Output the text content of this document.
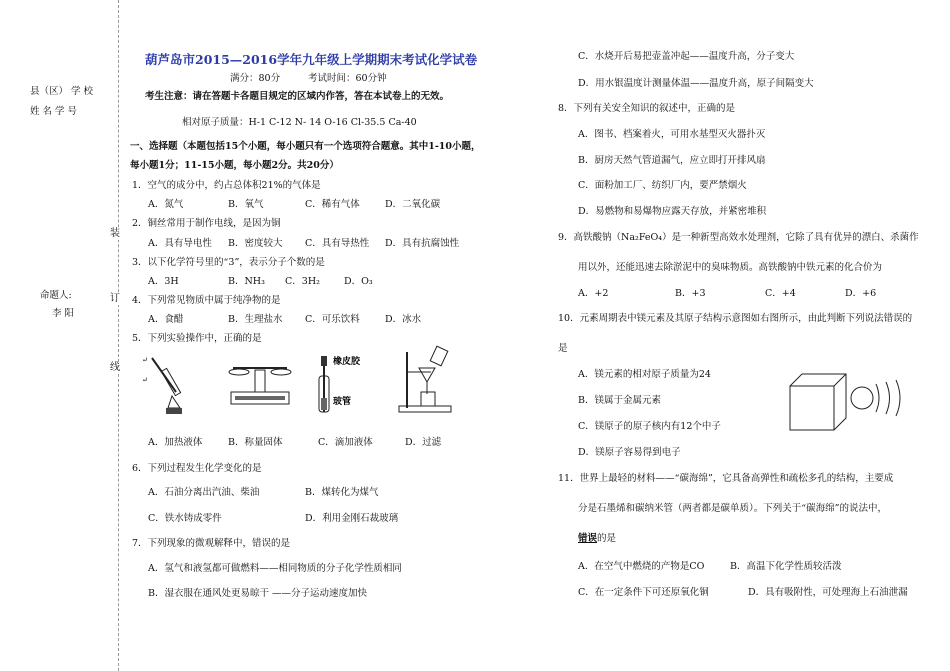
县（区） 学 校
姓 名 学 号
命题人:
李 阳
装
订
线
葫芦岛市2015—2016学年九年级上学期期末考试化学试卷
满分：80分	考试时间：60分钟
考生注意：请在答题卡各题目规定的区域内作答，答在本试卷上的无效。
相对原子质量：H-1 C-12 N- 14 O-16 Cl-35.5 Ca-40
一、选择题（本题包括15个小题，每小题只有一个选项符合题意。其中1-10小题，
每小题1分；11-15小题，每小题2分。共20分）
1．空气的成分中，约占总体积21%的气体是
A．氮气	B．氧气	C．稀有气体	D．二氧化碳
2．铜丝常用于制作电线，是因为铜
A．具有导电性 B．密度较大 C．具有导热性 D．具有抗腐蚀性
3．以下化学符号里的“3”，表示分子个数的是
A．3H	B．NH₃ C．3H₂	D．O₃
4．下列常见物质中属于纯净物的是
A．食醋	B．生理盐水 C．可乐饮料	D．冰水
5．下列实验操作中，正确的是
↵
↵
橡皮胶
玻管
A．加热液体	B．称量固体	C．滴加液体	D．过滤
6．下列过程发生化学变化的是
A．石油分离出汽油、柴油	B．煤转化为煤气
C．铁水铸成零件	D．利用金刚石裁玻璃
7．下列现象的微观解释中，错误的是
A．氢气和液氢都可做燃料——相同物质的分子化学性质相同
B．湿衣服在通风处更易晾干 ——分子运动速度加快
C．水烧开后易把壶盖冲起——温度升高，分子变大
D．用水银温度计测量体温——温度升高，原子间隔变大
8．下列有关安全知识的叙述中，正确的是
A．图书、档案着火，可用水基型灭火器扑灭
B．厨房天然气管道漏气，应立即打开排风扇
C．面粉加工厂、纺织厂内，要严禁烟火
D．易燃物和易爆物应露天存放，并紧密堆积
9．高铁酸钠（Na₂FeO₄）是一种新型高效水处理剂，它除了具有优异的漂白、杀菌作
用以外，还能迅速去除淤泥中的臭味物质。高铁酸钠中铁元素的化合价为
A．+2	B．+3	C．+4	D．+6
10．元素周期表中镁元素及其原子结构示意图如右图所示，由此判断下列说法错误的
是
A．镁元素的相对原子质量为24
B．镁属于金属元素
C．镁原子的原子核内有12个中子
D．镁原子容易得到电子
11．世界上最轻的材料——“碳海绵”，它具备高弹性和疏松多孔的结构，主要成
分是石墨烯和碳纳米管（两者都是碳单质）。下列关于“碳海绵”的说法中，
错误的是
A．在空气中燃烧的产物是CO	B．高温下化学性质较活泼
C．在一定条件下可还原氧化铜	D．具有吸附性，可处理海上石油泄漏
